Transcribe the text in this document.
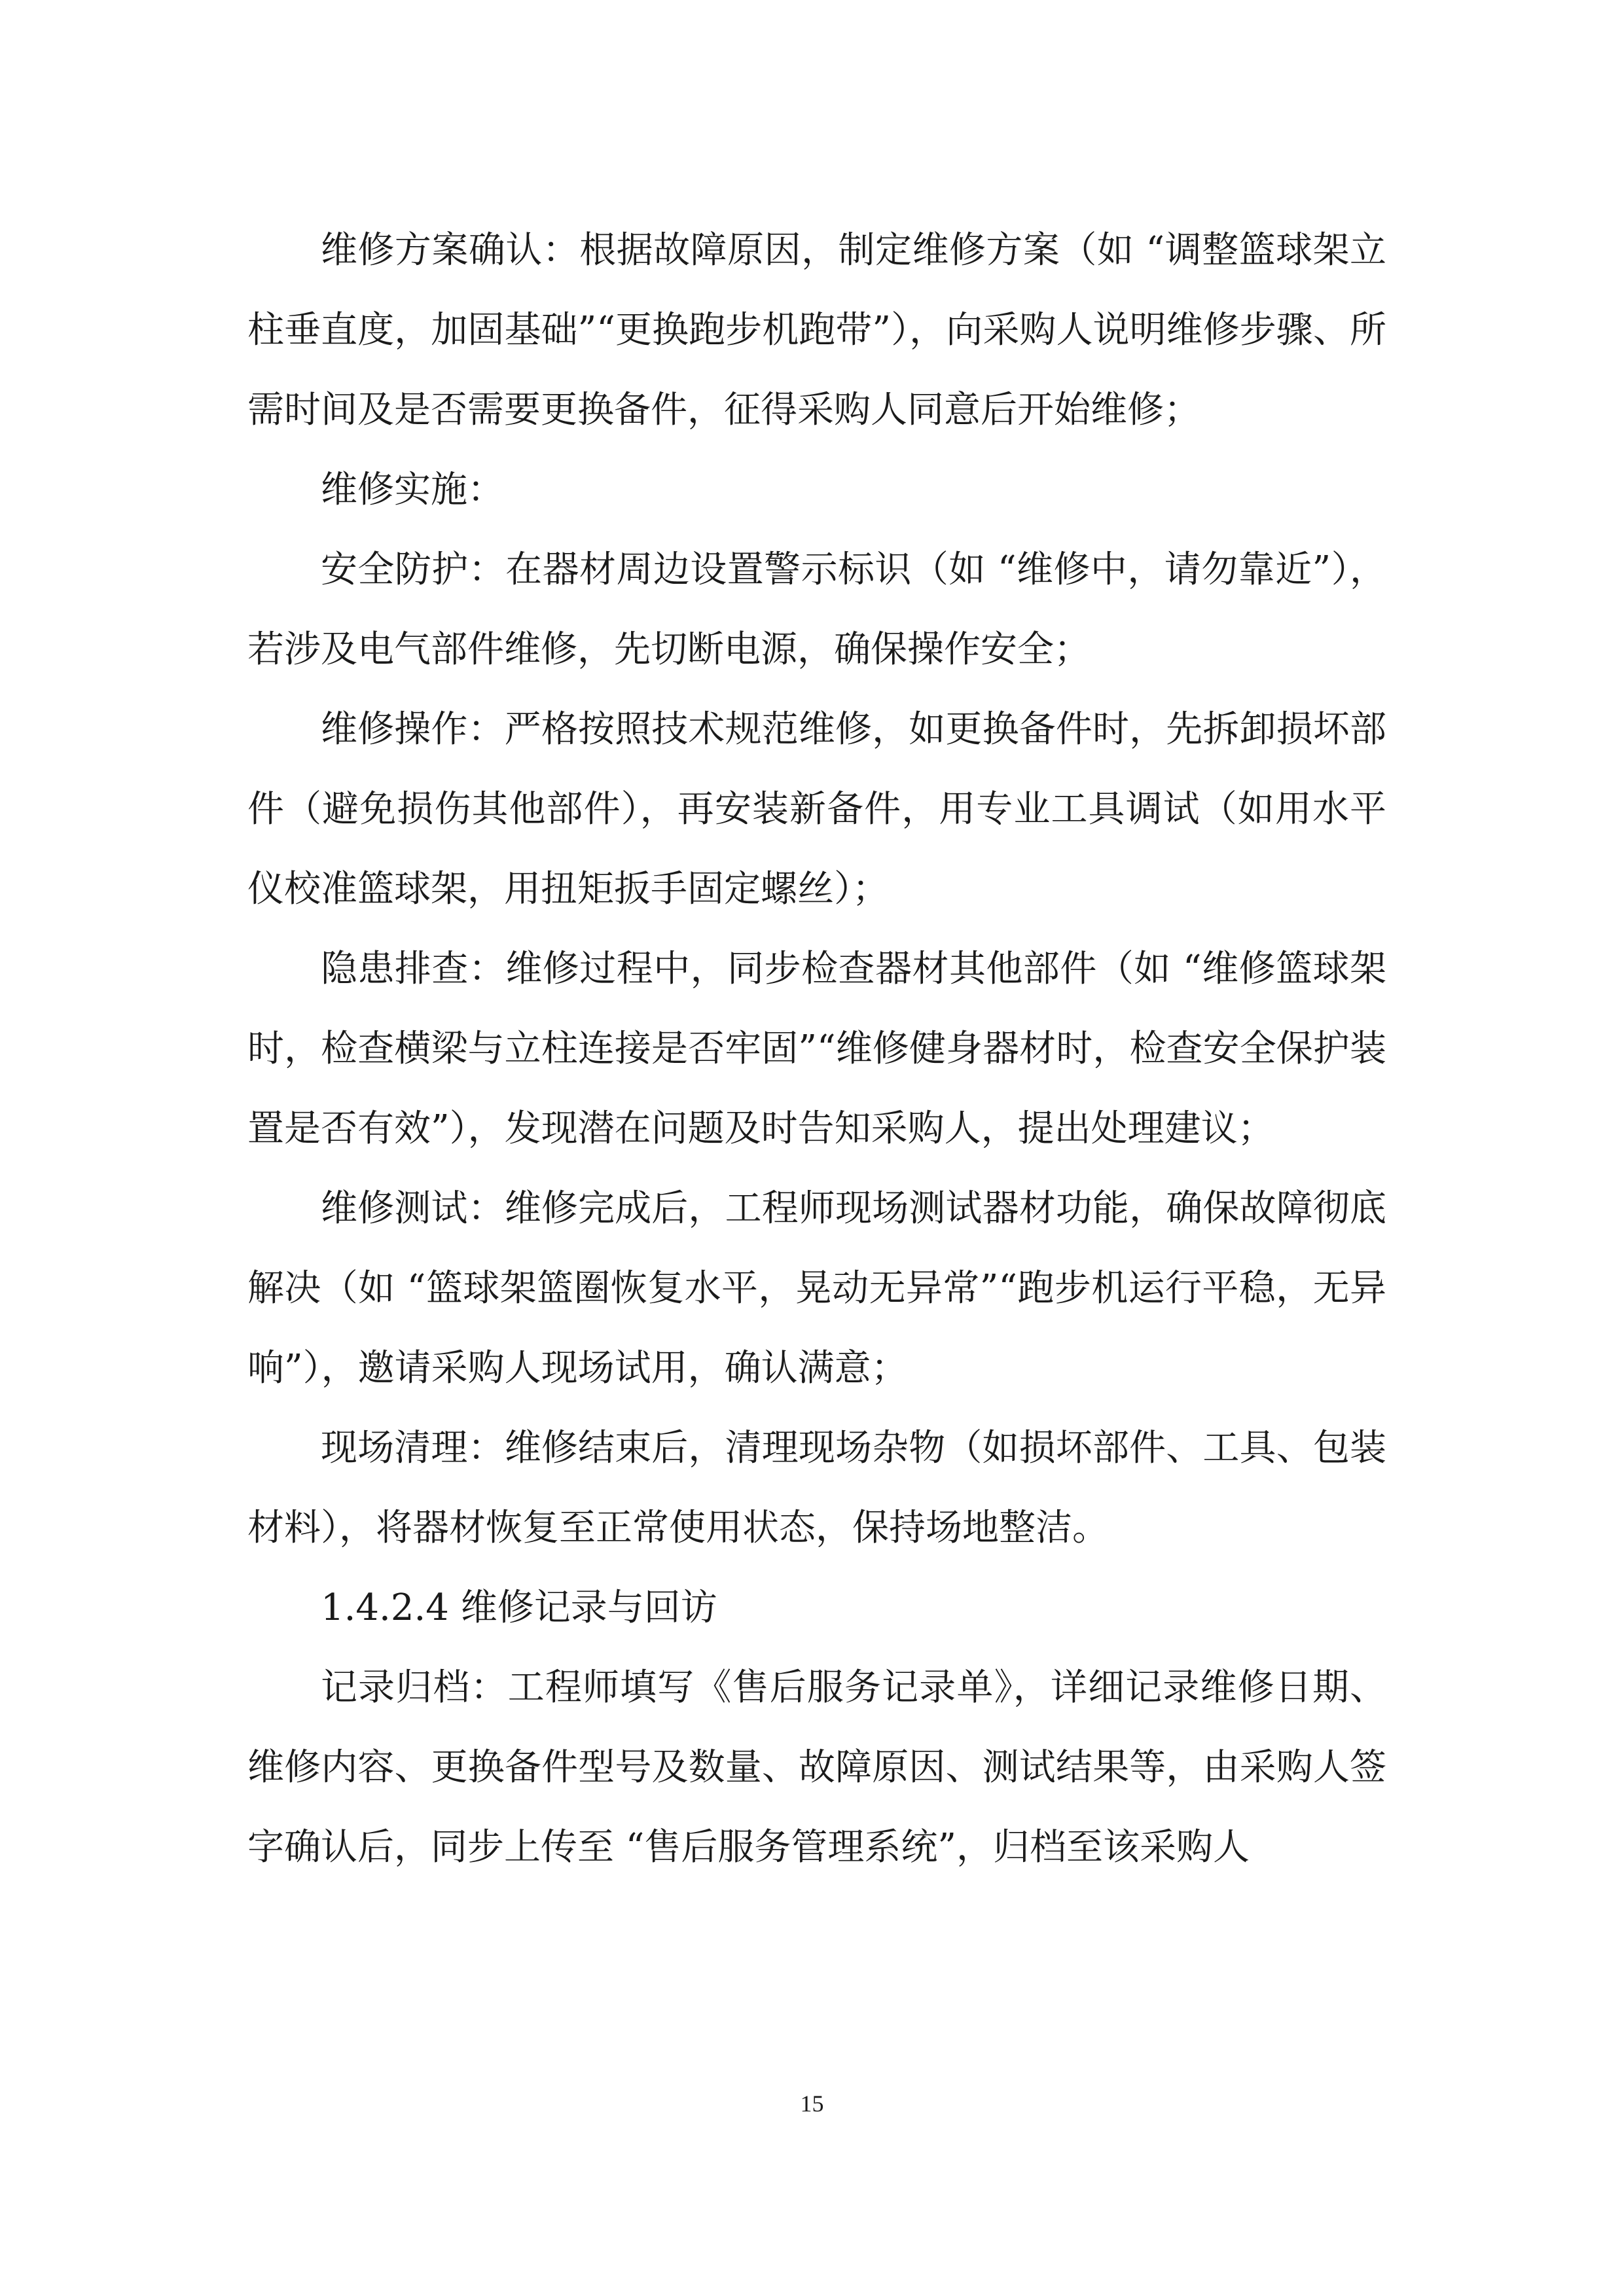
维修方案确认：根据故障原因，制定维修方案（如 “调整篮球架立柱垂直度，加固基础”“更换跑步机跑带”），向采购人说明维修步骤、所需时间及是否需要更换备件，征得采购人同意后开始维修；

维修实施：

安全防护：在器材周边设置警示标识（如 “维修中，请勿靠近”），若涉及电气部件维修，先切断电源，确保操作安全；

维修操作：严格按照技术规范维修，如更换备件时，先拆卸损坏部件（避免损伤其他部件），再安装新备件，用专业工具调试（如用水平仪校准篮球架，用扭矩扳手固定螺丝）；

隐患排查：维修过程中，同步检查器材其他部件（如 “维修篮球架时，检查横梁与立柱连接是否牢固”“维修健身器材时，检查安全保护装置是否有效”），发现潜在问题及时告知采购人，提出处理建议；

维修测试：维修完成后，工程师现场测试器材功能，确保故障彻底解决（如 “篮球架篮圈恢复水平，晃动无异常”“跑步机运行平稳，无异响”），邀请采购人现场试用，确认满意；

现场清理：维修结束后，清理现场杂物（如损坏部件、工具、包装材料），将器材恢复至正常使用状态，保持场地整洁。

1.4.2.4 维修记录与回访

记录归档：工程师填写《售后服务记录单》，详细记录维修日期、维修内容、更换备件型号及数量、故障原因、测试结果等，由采购人签字确认后，同步上传至 “售后服务管理系统”，归档至该采购人

15
